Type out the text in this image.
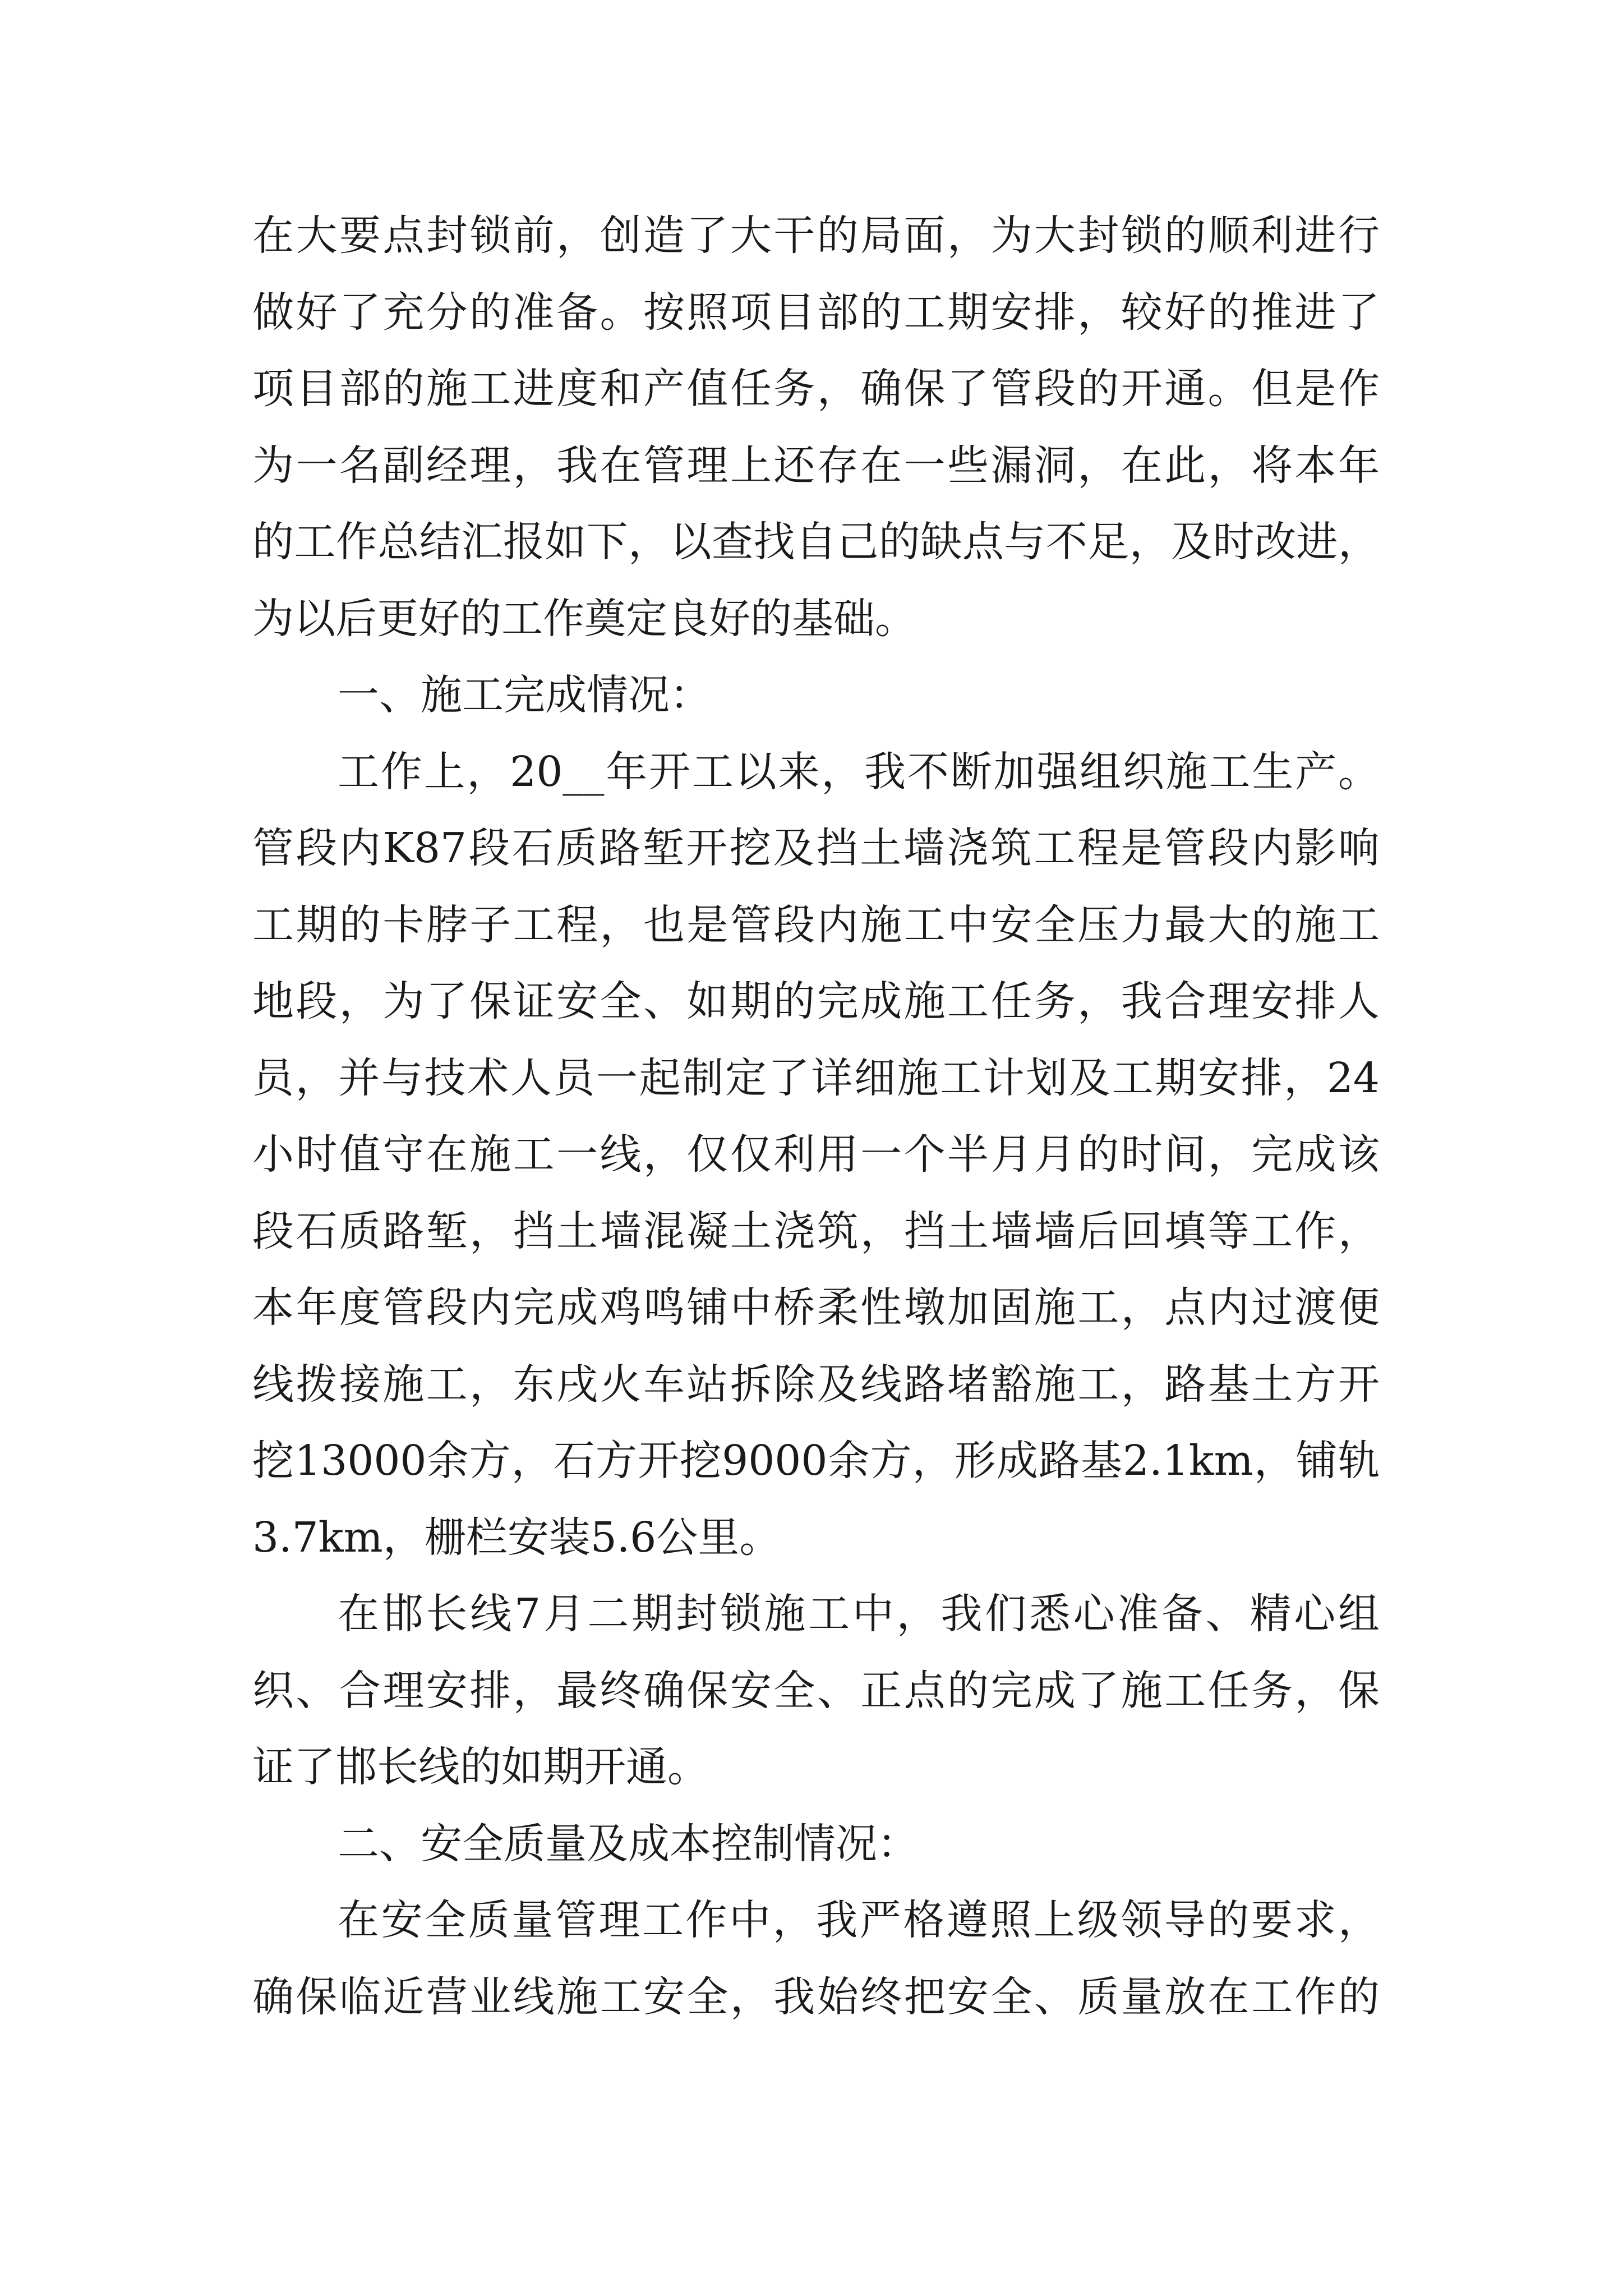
在大要点封锁前，创造了大干的局面，为大封锁的顺利进行
做好了充分的准备。按照项目部的工期安排，较好的推进了
项目部的施工进度和产值任务，确保了管段的开通。但是作
为一名副经理，我在管理上还存在一些漏洞，在此，将本年
的工作总结汇报如下，以查找自己的缺点与不足，及时改进，
为以后更好的工作奠定良好的基础。
一、施工完成情况：
工作上，20__年开工以来，我不断加强组织施工生产。
管段内K87段石质路堑开挖及挡土墙浇筑工程是管段内影响
工期的卡脖子工程，也是管段内施工中安全压力最大的施工
地段，为了保证安全、如期的完成施工任务，我合理安排人
员，并与技术人员一起制定了详细施工计划及工期安排，24
小时值守在施工一线，仅仅利用一个半月月的时间，完成该
段石质路堑，挡土墙混凝土浇筑，挡土墙墙后回填等工作，
本年度管段内完成鸡鸣铺中桥柔性墩加固施工，点内过渡便
线拨接施工，东戌火车站拆除及线路堵豁施工，路基土方开
挖13000余方，石方开挖9000余方，形成路基2.1km，铺轨
3.7km，栅栏安装5.6公里。
在邯长线7月二期封锁施工中，我们悉心准备、精心组
织、合理安排，最终确保安全、正点的完成了施工任务，保
证了邯长线的如期开通。
二、安全质量及成本控制情况：
在安全质量管理工作中，我严格遵照上级领导的要求，
确保临近营业线施工安全，我始终把安全、质量放在工作的
